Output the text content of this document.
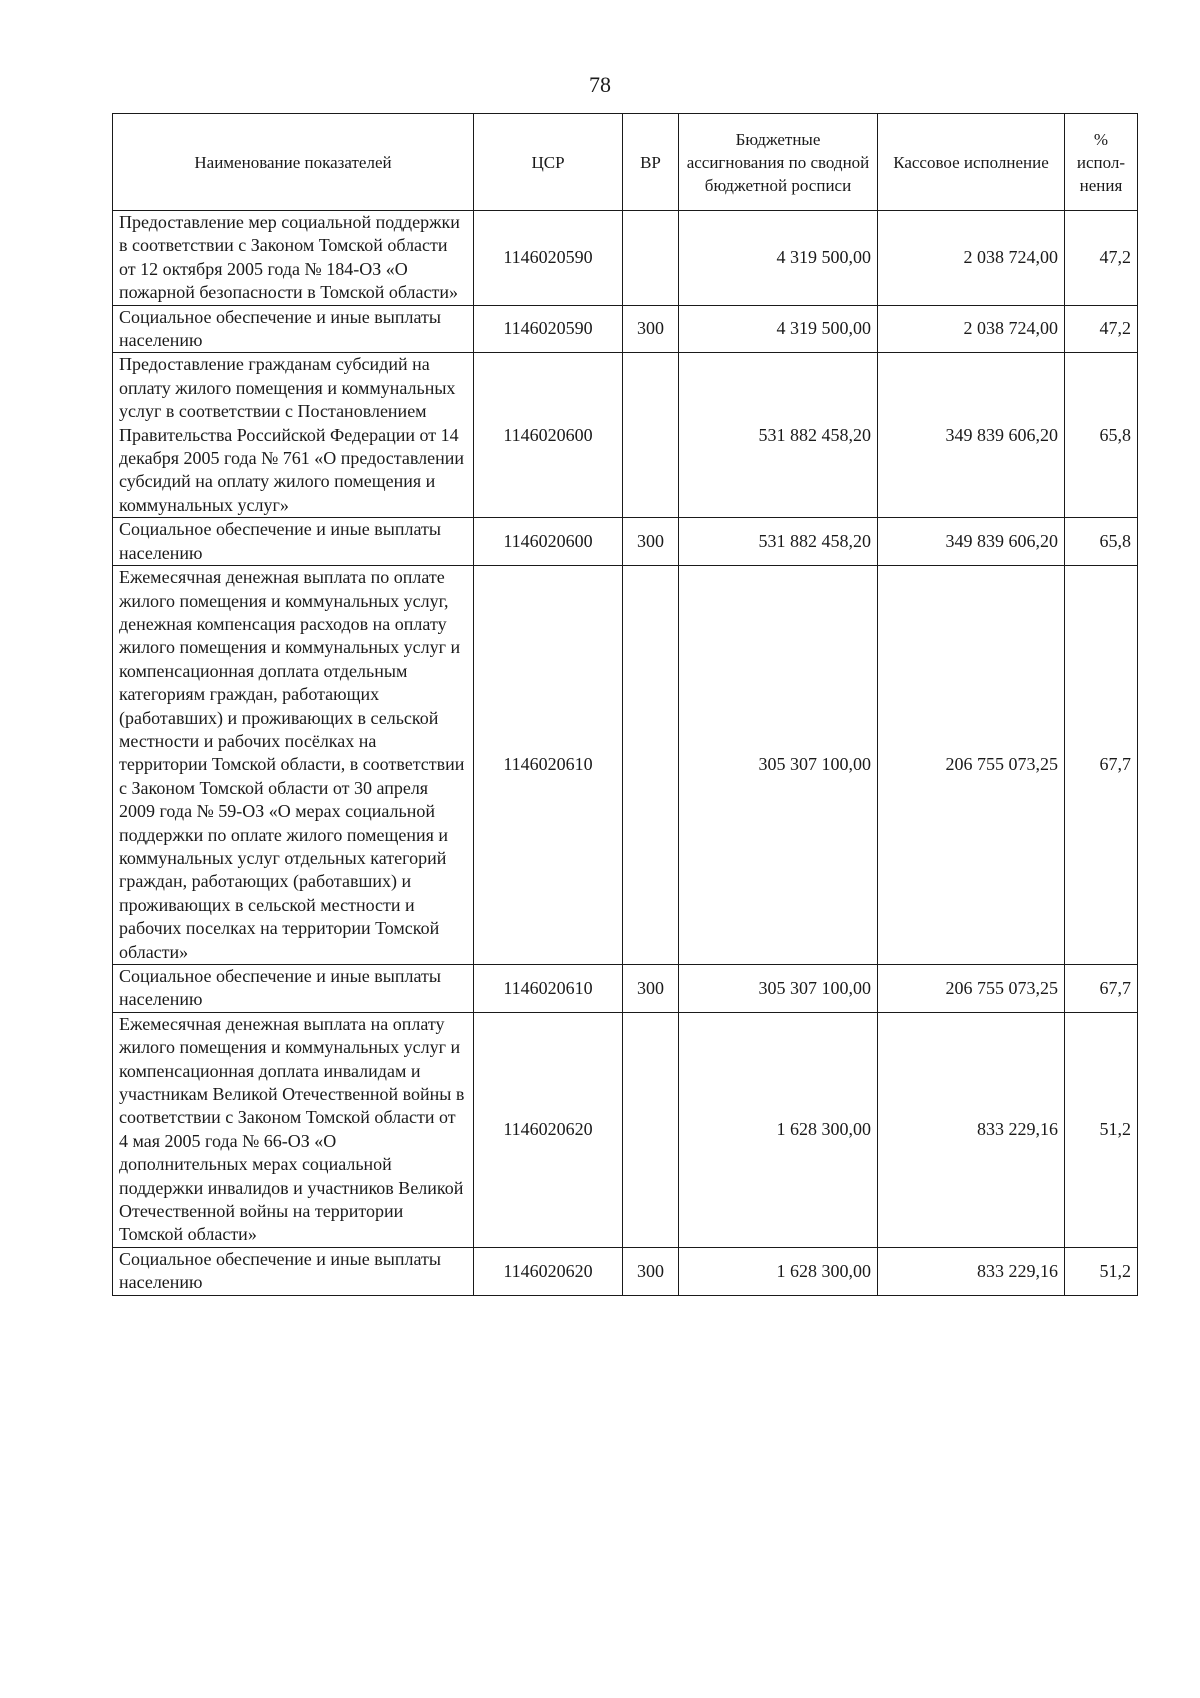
78
Наименование показателей	ЦСР	ВР	Бюджетные ассигнования по сводной бюджетной росписи	Кассовое исполнение	% испол-нения
Предоставление мер социальной поддержки в соответствии с Законом Томской области от 12 октября 2005 года № 184-ОЗ «О пожарной безопасности в Томской области»	1146020590		4 319 500,00	2 038 724,00	47,2
Социальное обеспечение и иные выплаты населению	1146020590	300	4 319 500,00	2 038 724,00	47,2
Предоставление гражданам субсидий на оплату жилого помещения и коммунальных услуг в соответствии с Постановлением Правительства Российской Федерации от 14 декабря 2005 года № 761 «О предоставлении субсидий на оплату жилого помещения и коммунальных услуг»	1146020600		531 882 458,20	349 839 606,20	65,8
Социальное обеспечение и иные выплаты населению	1146020600	300	531 882 458,20	349 839 606,20	65,8
Ежемесячная денежная выплата по оплате жилого помещения и коммунальных услуг, денежная компенсация расходов на оплату жилого помещения и коммунальных услуг и компенсационная доплата отдельным категориям граждан, работающих (работавших) и проживающих в сельской местности и рабочих посёлках на территории Томской области, в соответствии с Законом Томской области от 30 апреля 2009 года № 59-ОЗ «О мерах социальной поддержки по оплате жилого помещения и коммунальных услуг отдельных категорий граждан, работающих (работавших) и проживающих в сельской местности и рабочих поселках на территории Томской области»	1146020610		305 307 100,00	206 755 073,25	67,7
Социальное обеспечение и иные выплаты населению	1146020610	300	305 307 100,00	206 755 073,25	67,7
Ежемесячная денежная выплата на оплату жилого помещения и коммунальных услуг и компенсационная доплата инвалидам и участникам Великой Отечественной войны в соответствии с Законом Томской области от 4 мая 2005 года № 66-ОЗ «О дополнительных мерах социальной поддержки инвалидов и участников Великой Отечественной войны на территории Томской области»	1146020620		1 628 300,00	833 229,16	51,2
Социальное обеспечение и иные выплаты населению	1146020620	300	1 628 300,00	833 229,16	51,2
